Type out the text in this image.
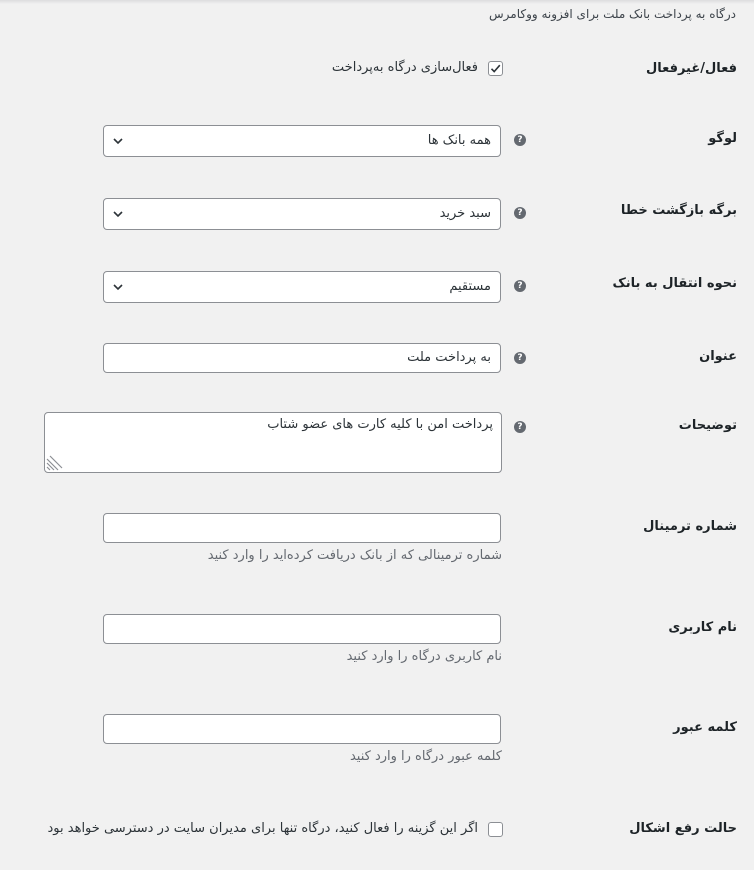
درگاه به پرداخت بانک ملت برای افزونه ووکامرس
فعال/غیرفعال
فعال‌سازی درگاه به‌پرداخت
لوگو
?
همه بانک ها
برگه بازگشت خطا
?
سبد خرید
نحوه انتقال به بانک
?
مستقیم
عنوان
?
به پرداخت ملت
توضیحات
?
پرداخت امن با کلیه کارت های عضو شتاب
شماره ترمینال
شماره ترمینالی که از بانک دریافت کرده‌اید را وارد کنید
نام کاربری
نام کاربری درگاه را وارد کنید
کلمه عبور
کلمه عبور درگاه را وارد کنید
حالت رفع اشکال
اگر این گزینه را فعال کنید، درگاه تنها برای مدیران سایت در دسترسی خواهد بود
